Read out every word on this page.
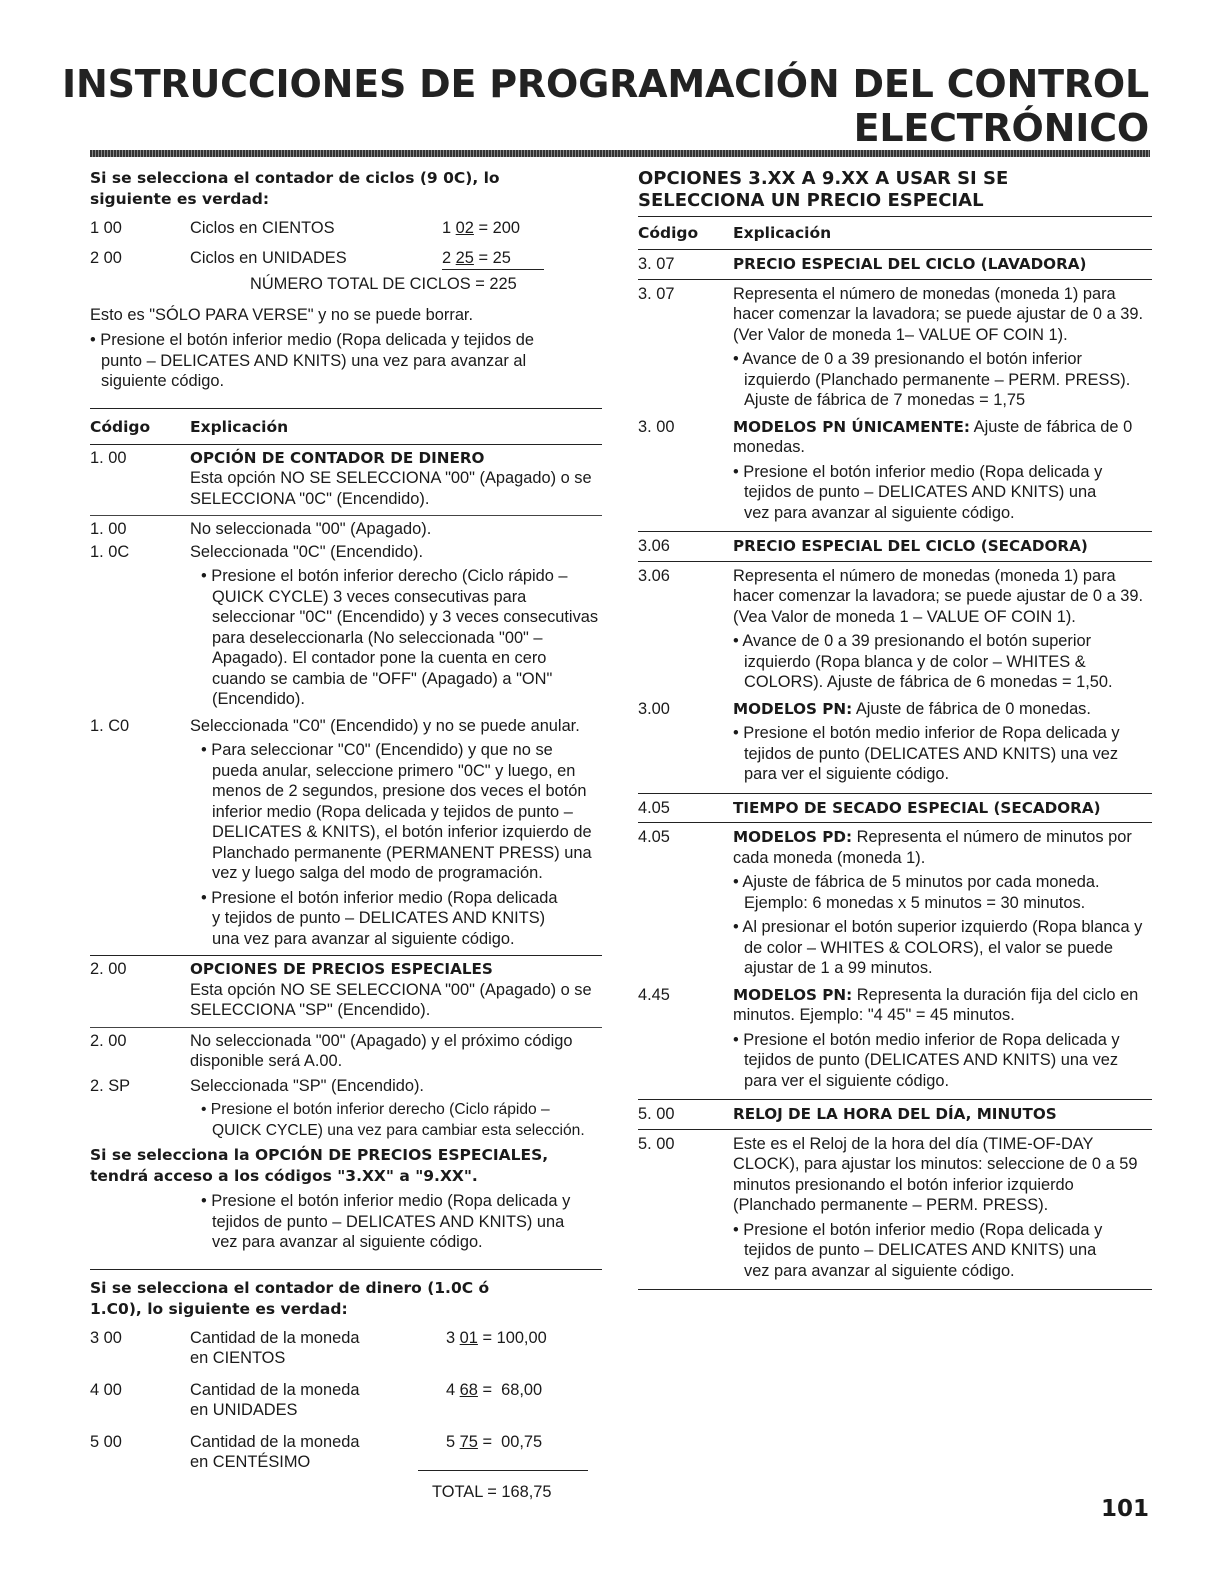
INSTRUCCIONES DE PROGRAMACIÓN DEL CONTROL
ELECTRÓNICO
Si se selecciona el contador de ciclos (9 0C), lo siguiente es verdad:
1 00	Ciclos en CIENTOS	1 02 = 200
2 00	Ciclos en UNIDADES	2 25 = 25
NÚMERO TOTAL DE CICLOS = 225
Esto es "SÓLO PARA VERSE" y no se puede borrar.
• Presione el botón inferior medio (Ropa delicada y tejidos de punto – DELICATES AND KNITS) una vez para avanzar al siguiente código.
Código	Explicación
1. 00	OPCIÓN DE CONTADOR DE DINERO
Esta opción NO SE SELECCIONA "00" (Apagado) o se SELECCIONA "0C" (Encendido).
1. 00	No seleccionada "00" (Apagado).
1. 0C	Seleccionada "0C" (Encendido).
• Presione el botón inferior derecho (Ciclo rápido – QUICK CYCLE) 3 veces consecutivas para seleccionar "0C" (Encendido) y 3 veces consecutivas para deseleccionarla (No seleccionada "00" – Apagado). El contador pone la cuenta en cero cuando se cambia de "OFF" (Apagado) a "ON" (Encendido).
1. C0	Seleccionada "C0" (Encendido) y no se puede anular.
• Para seleccionar "C0" (Encendido) y que no se pueda anular, seleccione primero "0C" y luego, en menos de 2 segundos, presione dos veces el botón inferior medio (Ropa delicada y tejidos de punto – DELICATES & KNITS), el botón inferior izquierdo de Planchado permanente (PERMANENT PRESS) una vez y luego salga del modo de programación.
• Presione el botón inferior medio (Ropa delicada y tejidos de punto – DELICATES AND KNITS) una vez para avanzar al siguiente código.
2. 00	OPCIONES DE PRECIOS ESPECIALES
Esta opción NO SE SELECCIONA "00" (Apagado) o se SELECCIONA "SP" (Encendido).
2. 00	No seleccionada "00" (Apagado) y el próximo código disponible será A.00.
2. SP	Seleccionada "SP" (Encendido).
• Presione el botón inferior derecho (Ciclo rápido – QUICK CYCLE) una vez para cambiar esta selección.
Si se selecciona la OPCIÓN DE PRECIOS ESPECIALES, tendrá acceso a los códigos "3.XX" a "9.XX".
• Presione el botón inferior medio (Ropa delicada y tejidos de punto – DELICATES AND KNITS) una vez para avanzar al siguiente código.
Si se selecciona el contador de dinero (1.0C ó 1.C0), lo siguiente es verdad:
3 00	Cantidad de la moneda en CIENTOS
3 01 = 100,00
4 00	Cantidad de la moneda en UNIDADES
4 68 =  68,00
5 00	Cantidad de la moneda en CENTÉSIMO
5 75 =  00,75
TOTAL = 168,75
OPCIONES 3.XX A 9.XX A USAR SI SE SELECCIONA UN PRECIO ESPECIAL
Código	Explicación
3. 07	PRECIO ESPECIAL DEL CICLO (LAVADORA)
3. 07	Representa el número de monedas (moneda 1) para hacer comenzar la lavadora; se puede ajustar de 0 a 39. (Ver Valor de moneda 1– VALUE OF COIN 1).
• Avance de 0 a 39 presionando el botón inferior izquierdo (Planchado permanente – PERM. PRESS). Ajuste de fábrica de 7 monedas = 1,75
3. 00	MODELOS PN ÚNICAMENTE: Ajuste de fábrica de 0 monedas.
• Presione el botón inferior medio (Ropa delicada y tejidos de punto – DELICATES AND KNITS) una vez para avanzar al siguiente código.
3.06	PRECIO ESPECIAL DEL CICLO (SECADORA)
3.06	Representa el número de monedas (moneda 1) para hacer comenzar la lavadora; se puede ajustar de 0 a 39. (Vea Valor de moneda 1 – VALUE OF COIN 1).
• Avance de 0 a 39 presionando el botón superior izquierdo (Ropa blanca y de color – WHITES & COLORS). Ajuste de fábrica de 6 monedas = 1,50.
3.00	MODELOS PN: Ajuste de fábrica de 0 monedas.
• Presione el botón medio inferior de Ropa delicada y tejidos de punto (DELICATES AND KNITS) una vez para ver el siguiente código.
4.05	TIEMPO DE SECADO ESPECIAL (SECADORA)
4.05	MODELOS PD: Representa el número de minutos por cada moneda (moneda 1).
• Ajuste de fábrica de 5 minutos por cada moneda. Ejemplo: 6 monedas x 5 minutos = 30 minutos.
• Al presionar el botón superior izquierdo (Ropa blanca y de color – WHITES & COLORS), el valor se puede ajustar de 1 a 99 minutos.
4.45	MODELOS PN: Representa la duración fija del ciclo en minutos. Ejemplo: "4 45" = 45 minutos.
• Presione el botón medio inferior de Ropa delicada y tejidos de punto (DELICATES AND KNITS) una vez para ver el siguiente código.
5. 00	RELOJ DE LA HORA DEL DÍA, MINUTOS
5. 00	Este es el Reloj de la hora del día (TIME-OF-DAY CLOCK), para ajustar los minutos: seleccione de 0 a 59 minutos presionando el botón inferior izquierdo (Planchado permanente – PERM. PRESS).
• Presione el botón inferior medio (Ropa delicada y tejidos de punto – DELICATES AND KNITS) una vez para avanzar al siguiente código.
101
